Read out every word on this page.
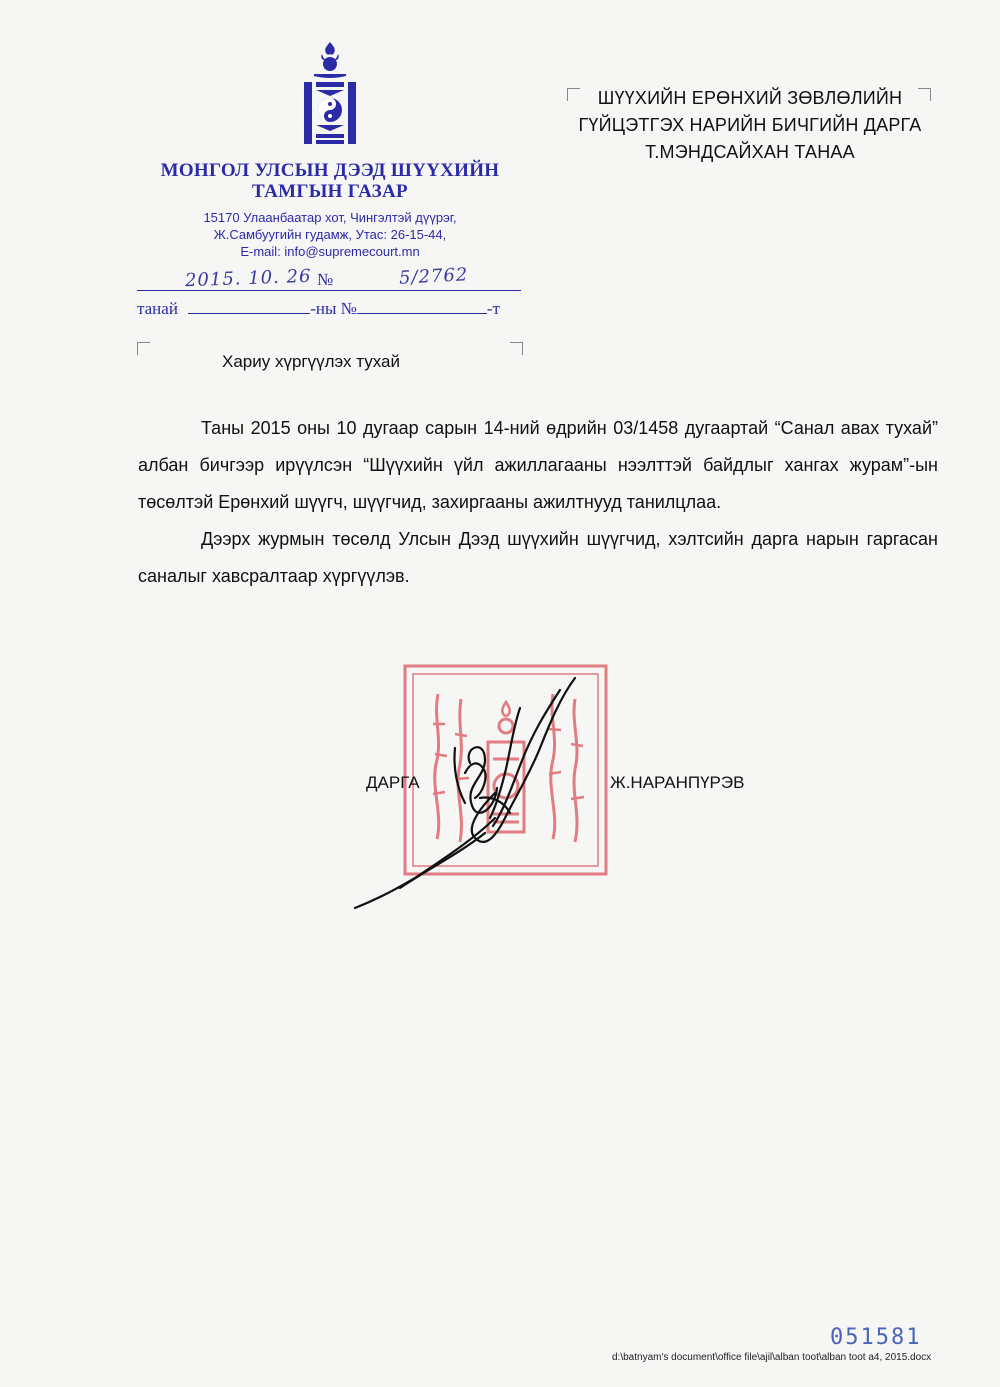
МОНГОЛ УЛСЫН ДЭЭД ШҮҮХИЙН
ТАМГЫН ГАЗАР
15170 Улаанбаатар хот, Чингэлтэй дүүрэг,
Ж.Самбуугийн гудамж, Утас: 26-15-44,
E-mail: info@supremecourt.mn
2015. 10. 26 №	5/2762
танай	-ны №	-т
ШҮҮХИЙН ЕРӨНХИЙ ЗӨВЛӨЛИЙН
ГҮЙЦЭТГЭХ НАРИЙН БИЧГИЙН ДАРГА
Т.МЭНДСАЙХАН ТАНАА
Хариу хүргүүлэх тухай

Таны 2015 оны 10 дугаар сарын 14-ний өдрийн 03/1458 дугаартай “Санал авах тухай” албан бичгээр ирүүлсэн “Шүүхийн үйл ажиллагааны нээлттэй байдлыг хангах журам”-ын төсөлтэй Ерөнхий шүүгч, шүүгчид, захиргааны ажилтнууд танилцлаа.

Дээрх журмын төсөлд Улсын Дээд шүүхийн шүүгчид, хэлтсийн дарга нарын гаргасан саналыг хавсралтаар хүргүүлэв.

ДАРГА	Ж.НАРАНПҮРЭВ
051581
d:\batnyam's document\office file\ajil\alban toot\alban toot a4, 2015.docx
